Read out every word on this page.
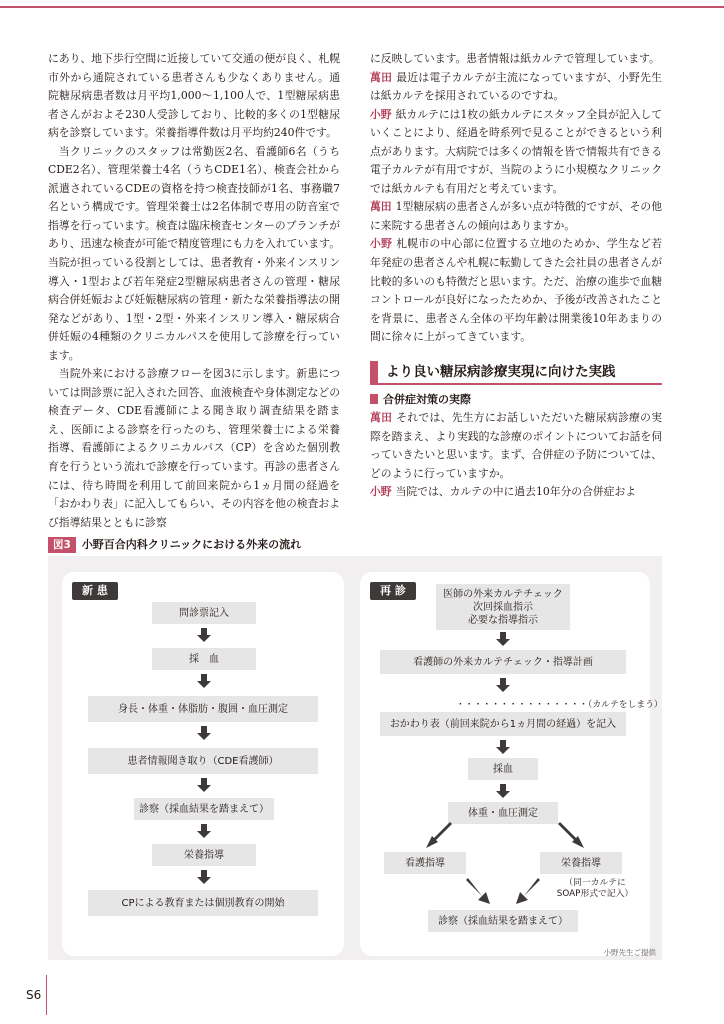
にあり、地下歩行空間に近接していて交通の便が良く、札幌市外から通院されている患者さんも少なくありません。通院糖尿病患者数は月平均1,000～1,100人で、1型糖尿病患者さんがおよそ230人受診しており、比較的多くの1型糖尿病を診察しています。栄養指導件数は月平均約240件です。

当クリニックのスタッフは常勤医2名、看護師6名（うちCDE2名）、管理栄養士4名（うちCDE1名）、検査会社から派遣されているCDEの資格を持つ検査技師が1名、事務職7名という構成です。管理栄養士は2名体制で専用の防音室で指導を行っています。検査は臨床検査センターのブランチがあり、迅速な検査が可能で精度管理にも力を入れています。当院が担っている役割としては、患者教育・外来インスリン導入・1型および若年発症2型糖尿病患者さんの管理・糖尿病合併妊娠および妊娠糖尿病の管理・新たな栄養指導法の開発などがあり、1型・2型・外来インスリン導入・糖尿病合併妊娠の4種類のクリニカルパスを使用して診療を行っています。

当院外来における診療フローを図3に示します。新患については問診票に記入された回答、血液検査や身体測定などの検査データ、CDE看護師による聞き取り調査結果を踏まえ、医師による診察を行ったのち、管理栄養士による栄養指導、看護師によるクリニカルパス（CP）を含めた個別教育を行うという流れで診療を行っています。再診の患者さんには、待ち時間を利用して前回来院から1ヵ月間の経過を「おかわり表」に記入してもらい、その内容を他の検査および指導結果とともに診察

に反映しています。患者情報は紙カルテで管理しています。

萬田 最近は電子カルテが主流になっていますが、小野先生は紙カルテを採用されているのですね。

小野 紙カルテには1枚の紙カルテにスタッフ全員が記入していくことにより、経過を時系列で見ることができるという利点があります。大病院では多くの情報を皆で情報共有できる電子カルテが有用ですが、当院のように小規模なクリニックでは紙カルテも有用だと考えています。

萬田 1型糖尿病の患者さんが多い点が特徴的ですが、その他に来院する患者さんの傾向はありますか。

小野 札幌市の中心部に位置する立地のためか、学生など若年発症の患者さんや札幌に転勤してきた会社員の患者さんが比較的多いのも特徴だと思います。ただ、治療の進歩で血糖コントロールが良好になったためか、予後が改善されたことを背景に、患者さん全体の平均年齢は開業後10年あまりの間に徐々に上がってきています。

より良い糖尿病診療実現に向けた実践

合併症対策の実際

萬田 それでは、先生方にお話しいただいた糖尿病診療の実際を踏まえ、より実践的な診療のポイントについてお話を伺っていきたいと思います。まず、合併症の予防については、どのように行っていますか。

小野 当院では、カルテの中に過去10年分の合併症およ

図3	小野百合内科クリニックにおける外来の流れ
新 患
問診票記入
採　血
身長・体重・体脂肪・腹囲・血圧測定
患者情報聞き取り（CDE看護師）
診察（採血結果を踏まえて）
栄養指導
CPによる教育または個別教育の開始
再 診	医師の外来カルテチェック
次回採血指示
必要な指導指示
看護師の外来カルテチェック・指導計画
・・・・・・・・・・・・・・・（カルテをしまう）
おかわり表（前回来院から1ヵ月間の経過）を記入
採血
体重・血圧測定
看護指導	栄養指導
（同一カルテに
SOAP形式で記入）
診察（採血結果を踏まえて）
小野先生ご提供
S6
